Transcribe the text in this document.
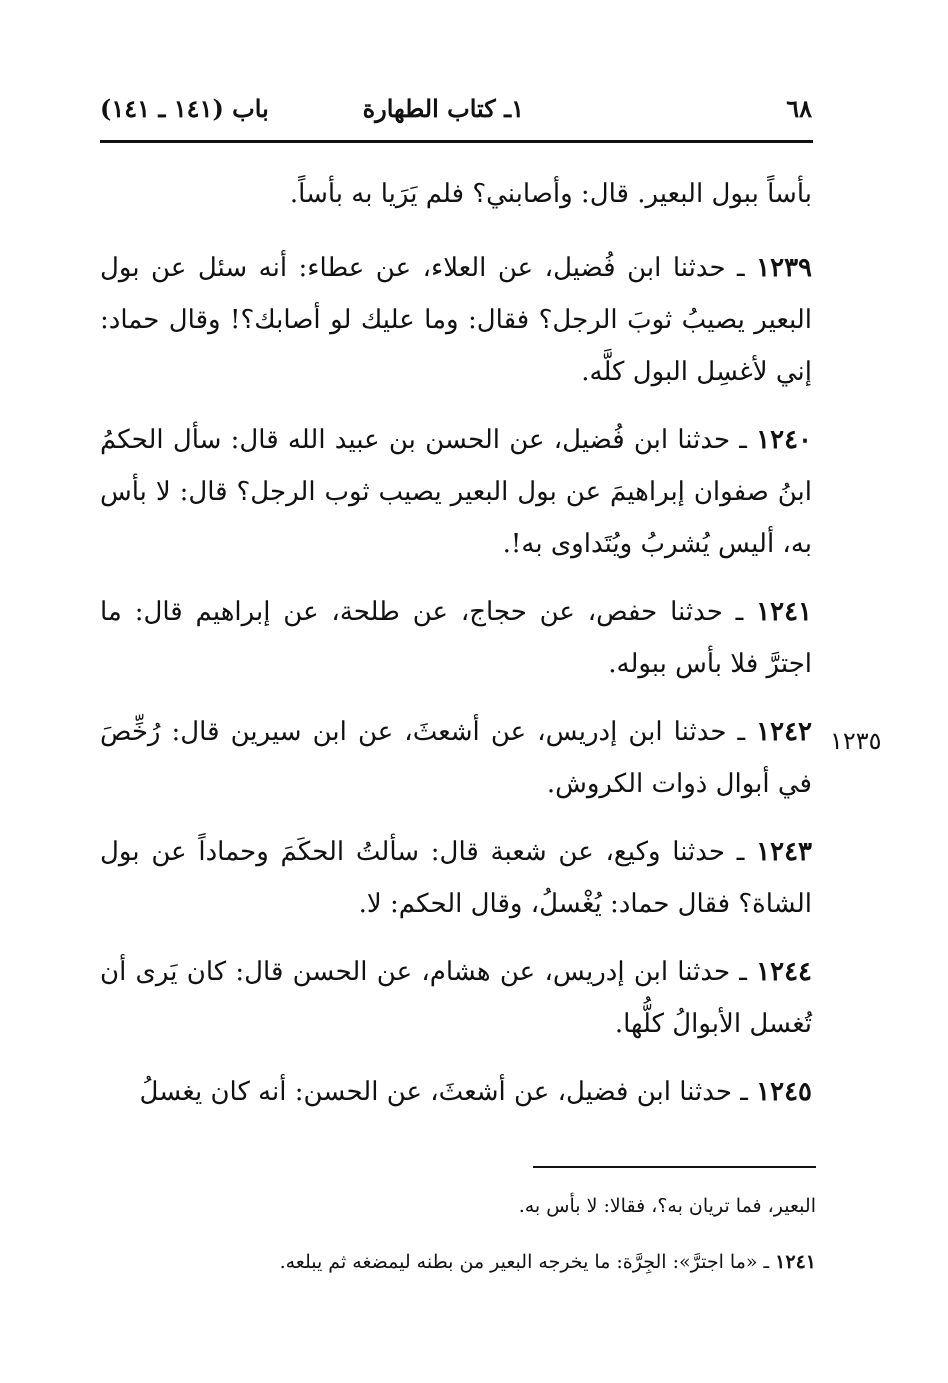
٦٨
١ـ كتاب الطهارة
باب (١٤١ ـ ١٤١)

بأساً ببول البعير. قال: وأصابني؟ فلم يَرَيا به بأساً.

١٢٣٩ ـ حدثنا ابن فُضيل، عن العلاء، عن عطاء: أنه سئل عن بول البعير يصيبُ ثوبَ الرجل؟ فقال: وما عليك لو أصابك؟! وقال حماد: إني لأغسِل البول كلَّه.

١٢٤٠ ـ حدثنا ابن فُضيل، عن الحسن بن عبيد الله قال: سأل الحكمُ ابنُ صفوان إبراهيمَ عن بول البعير يصيب ثوب الرجل؟ قال: لا بأس به، أليس يُشربُ ويُتَداوى به!.

١٢٤١ ـ حدثنا حفص، عن حجاج، عن طلحة، عن إبراهيم قال: ما اجترَّ فلا بأس ببوله.

١٢٤٢ ـ حدثنا ابن إدريس، عن أشعثَ، عن ابن سيرين قال: رُخِّصَ في أبوال ذوات الكروش.

١٢٤٣ ـ حدثنا وكيع، عن شعبة قال: سألتُ الحكَمَ وحماداً عن بول الشاة؟ فقال حماد: يُغْسلُ، وقال الحكم: لا.

١٢٤٤ ـ حدثنا ابن إدريس، عن هشام، عن الحسن قال: كان يَرى أن تُغسل الأبوالُ كلُّها.

١٢٤٥ ـ حدثنا ابن فضيل، عن أشعثَ، عن الحسن: أنه كان يغسلُ

١٢٣٥

البعير، فما تريان به؟، فقالا: لا بأس به.

١٢٤١ ـ «ما اجترَّ»: الجِرَّة: ما يخرجه البعير من بطنه ليمضغه ثم يبلعه.
